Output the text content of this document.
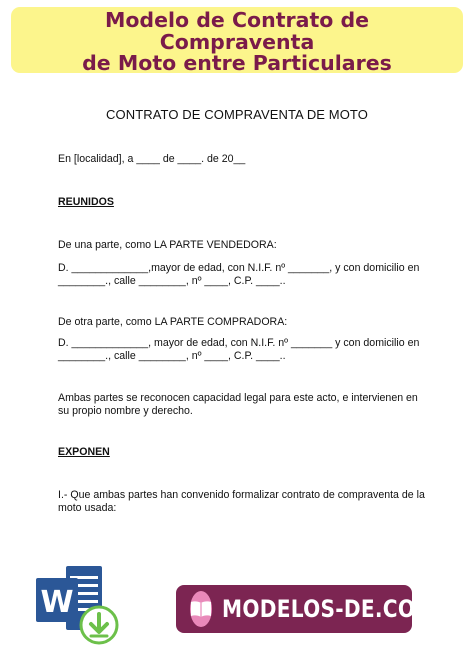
Modelo de Contrato de
Compraventa
de Moto entre Particulares
CONTRATO DE COMPRAVENTA DE MOTO
En [localidad], a ____ de ____. de 20__
REUNIDOS
De una parte, como LA PARTE VENDEDORA:
D. _____________,mayor de edad, con N.I.F. nº _______, y con domicilio en
________., calle ________, nº ____, C.P. ____..
De otra parte, como LA PARTE COMPRADORA:
D. _____________, mayor de edad, con N.I.F. nº _______ y con domicilio en
________., calle ________, nº ____, C.P. ____..
Ambas partes se reconocen capacidad legal para este acto, e intervienen en
su propio nombre y derecho.
EXPONEN
I.- Que ambas partes han convenido formalizar contrato de compraventa de la
moto usada:
W	MODELOS-DE.COM
